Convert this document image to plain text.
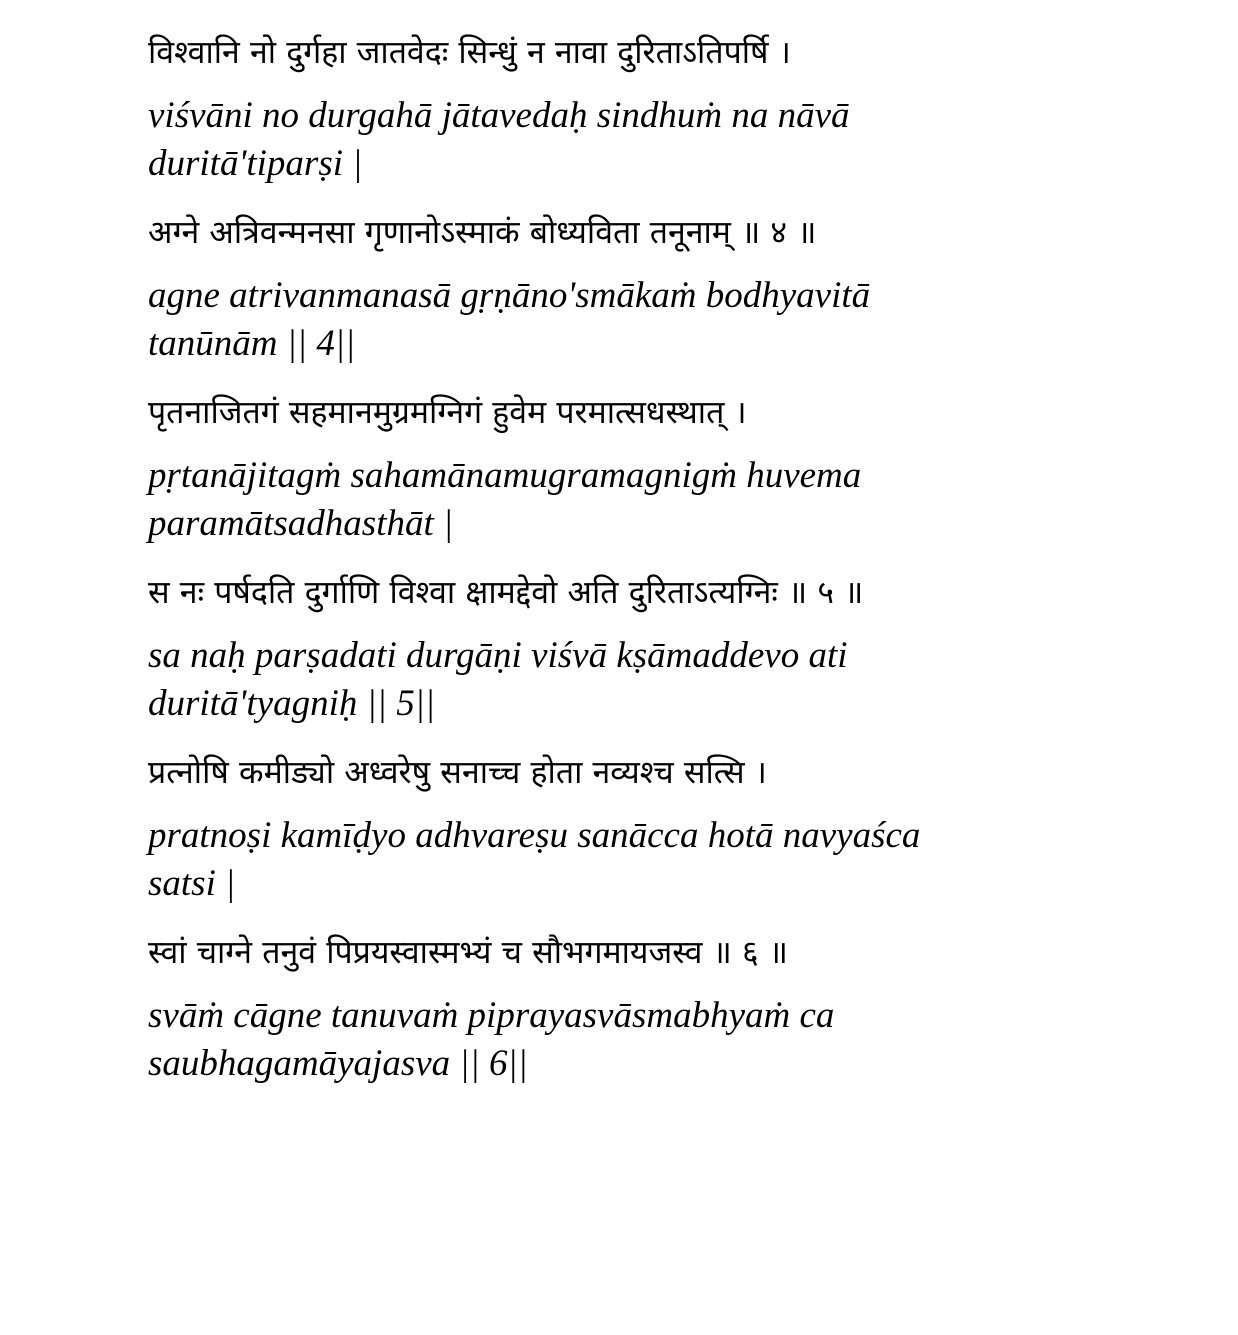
विश्वानि नो दुर्गहा जातवेदः सिन्धुं न नावा दुरिताऽतिपर्षि ।

viśvāni no durgahā jātavedaḥ sindhuṁ na nāvā
duritā'tiparṣi |

अग्ने अत्रिवन्मनसा गृणानोऽस्माकं बोध्यविता तनूनाम् ॥ ४ ॥

agne atrivanmanasā gṛṇāno'smākaṁ bodhyavitā
tanūnām || 4||

पृतनाजितगं सहमानमुग्रमग्निगं हुवेम परमात्सधस्थात् ।

pṛtanājitagṁ sahamānamugramagnigṁ huvema
paramātsadhasthāt |

स नः पर्षदति दुर्गाणि विश्वा क्षामद्देवो अति दुरिताऽत्यग्निः ॥ ५ ॥

sa naḥ parṣadati durgāṇi viśvā kṣāmaddevo ati
duritā'tyagniḥ || 5||

प्रत्नोषि कमीड्यो अध्वरेषु सनाच्च होता नव्यश्च सत्सि ।

pratnoṣi kamīḍyo adhvareṣu sanācca hotā navyaśca
satsi |

स्वां चाग्ने तनुवं पिप्रयस्वास्मभ्यं च सौभगमायजस्व ॥ ६ ॥

svāṁ cāgne tanuvaṁ piprayasvāsmabhyaṁ ca
saubhagamāyajasva || 6||
